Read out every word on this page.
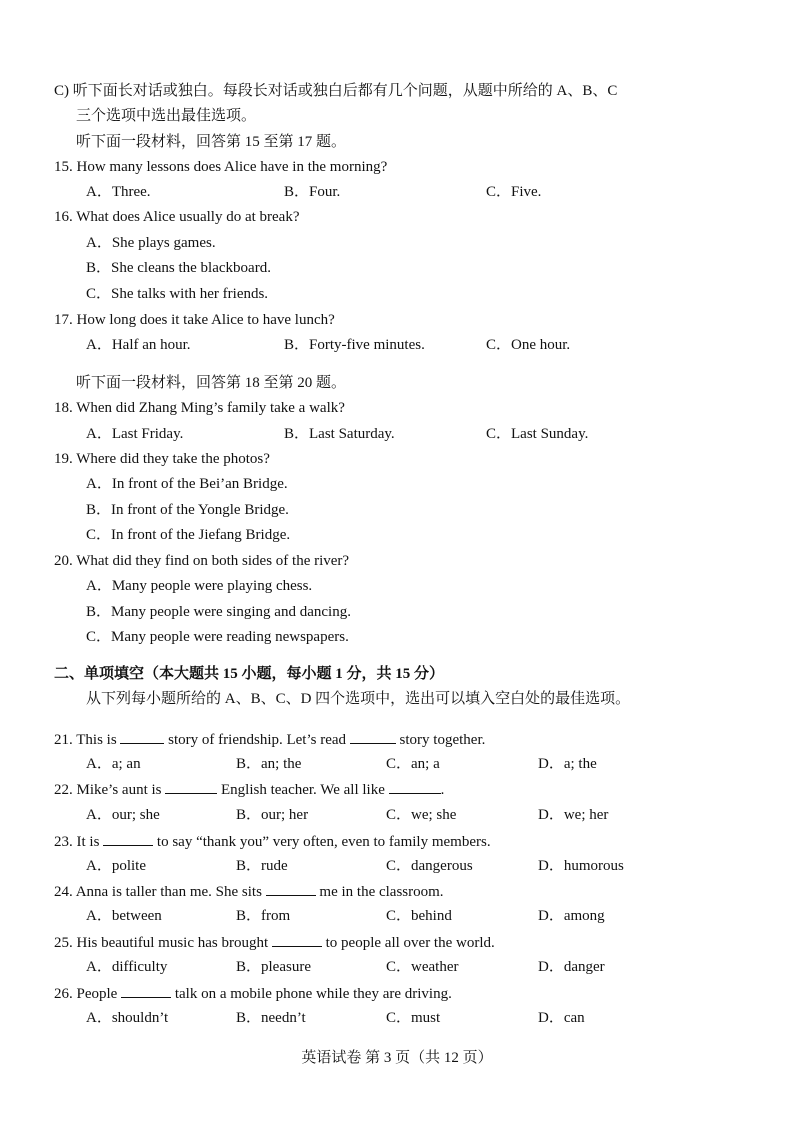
C) 听下面长对话或独白。每段长对话或独白后都有几个问题，从题中所给的 A、B、C
三个选项中选出最佳选项。
听下面一段材料，回答第 15 至第 17 题。
15. How many lessons does Alice have in the morning?
A．Three.	B．Four.	C．Five.
16. What does Alice usually do at break?
A．She plays games.
B．She cleans the blackboard.
C．She talks with her friends.
17. How long does it take Alice to have lunch?
A．Half an hour.	B．Forty-five minutes.	C．One hour.
听下面一段材料，回答第 18 至第 20 题。
18. When did Zhang Ming’s family take a walk?
A．Last Friday.	B．Last Saturday.	C．Last Sunday.
19. Where did they take the photos?
A．In front of the Bei’an Bridge.
B．In front of the Yongle Bridge.
C．In front of the Jiefang Bridge.
20. What did they find on both sides of the river?
A．Many people were playing chess.
B．Many people were singing and dancing.
C．Many people were reading newspapers.
二、单项填空（本大题共 15 小题，每小题 1 分，共 15 分）
从下列每小题所给的 A、B、C、D 四个选项中，选出可以填入空白处的最佳选项。
21. This is	story of friendship. Let’s read	story together.
A．a; an	B．an; the	C．an; a	D．a; the
22. Mike’s aunt is	English teacher. We all like	.
A．our; she	B．our; her	C．we; she	D．we; her
23. It is	to say “thank you” very often, even to family members.
A．polite	B．rude	C．dangerous	D．humorous
24. Anna is taller than me. She sits	me in the classroom.
A．between	B．from	C．behind	D．among
25. His beautiful music has brought	to people all over the world.
A．difficulty	B．pleasure	C．weather	D．danger
26. People	talk on a mobile phone while they are driving.
A．shouldn’t	B．needn’t	C．must	D．can
英语试卷 第 3 页（共 12 页）
